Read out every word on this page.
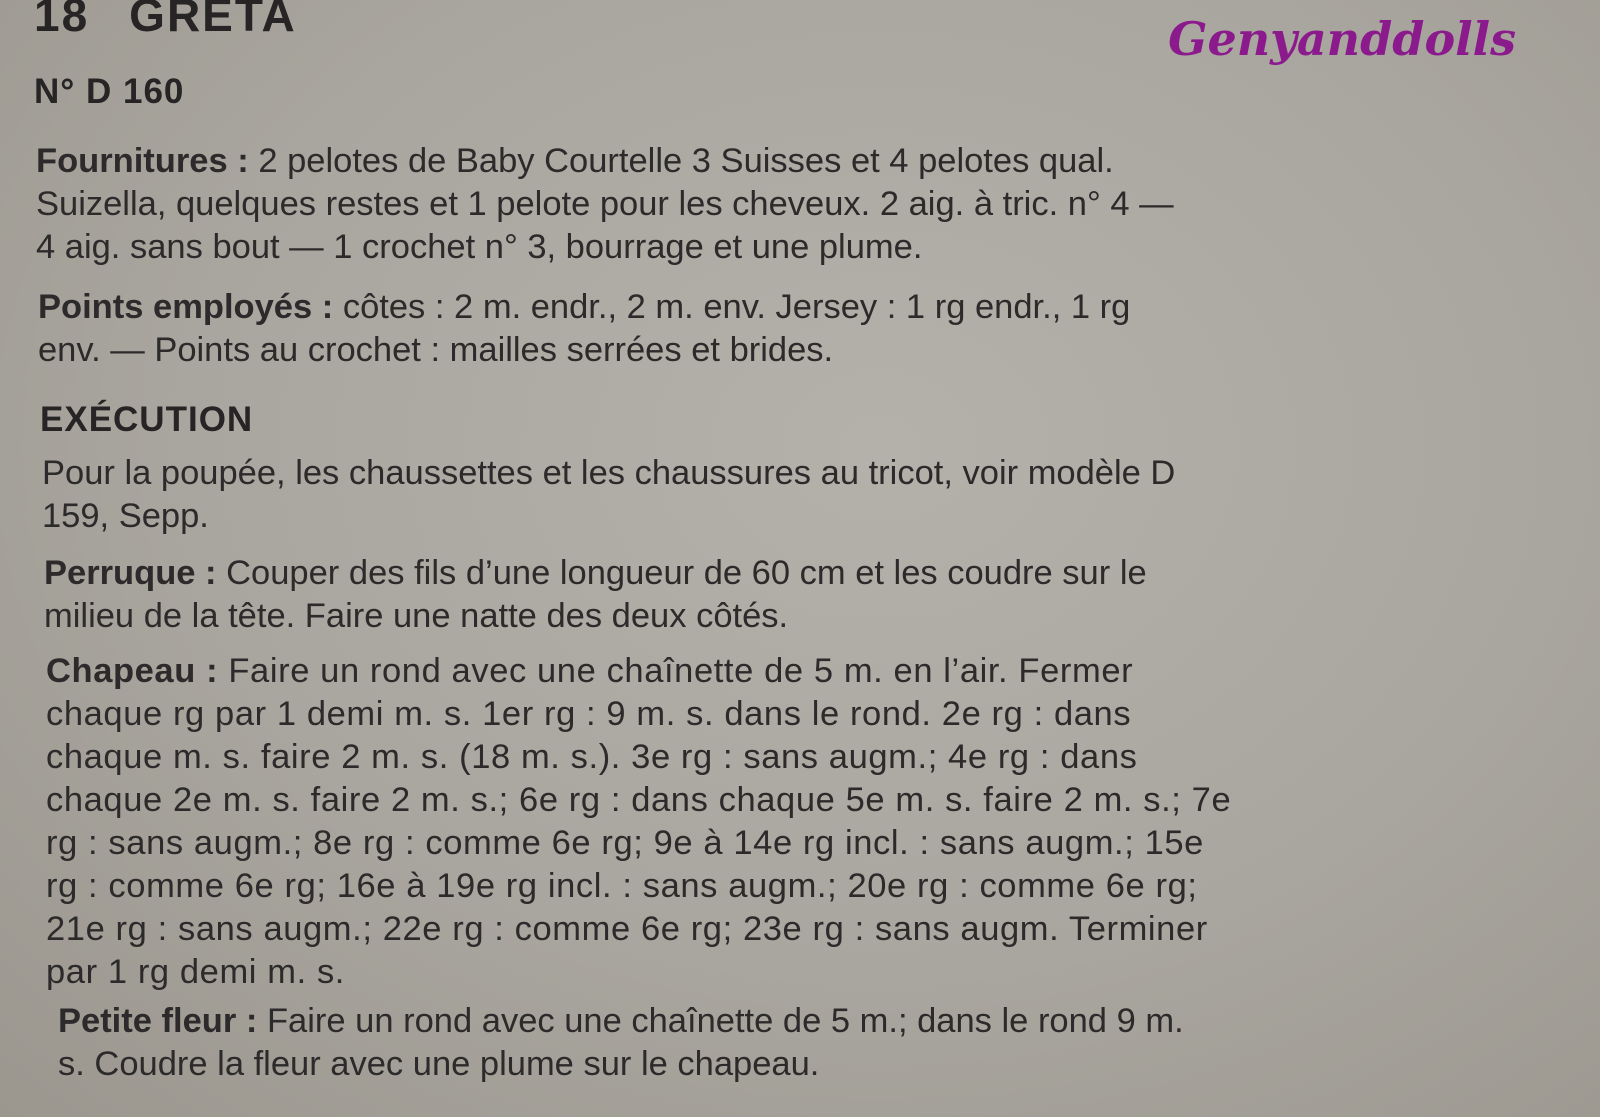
18 GRETA	Genyanddolls
N° D 160

Fournitures : 2 pelotes de Baby Courtelle 3 Suisses et 4 pelotes qual.
Suizella, quelques restes et 1 pelote pour les cheveux. 2 aig. à tric. n° 4 —
4 aig. sans bout — 1 crochet n° 3, bourrage et une plume.

Points employés : côtes : 2 m. endr., 2 m. env. Jersey : 1 rg endr., 1 rg
env. — Points au crochet : mailles serrées et brides.

EXÉCUTION

Pour la poupée, les chaussettes et les chaussures au tricot, voir modèle D
159, Sepp.

Perruque : Couper des fils d’une longueur de 60 cm et les coudre sur le
milieu de la tête. Faire une natte des deux côtés.

Chapeau : Faire un rond avec une chaînette de 5 m. en l’air. Fermer
chaque rg par 1 demi m. s. 1er rg : 9 m. s. dans le rond. 2e rg : dans
chaque m. s. faire 2 m. s. (18 m. s.). 3e rg : sans augm.; 4e rg : dans
chaque 2e m. s. faire 2 m. s.; 6e rg : dans chaque 5e m. s. faire 2 m. s.; 7e
rg : sans augm.; 8e rg : comme 6e rg; 9e à 14e rg incl. : sans augm.; 15e
rg : comme 6e rg; 16e à 19e rg incl. : sans augm.; 20e rg : comme 6e rg;
21e rg : sans augm.; 22e rg : comme 6e rg; 23e rg : sans augm. Terminer
par 1 rg demi m. s.

Petite fleur : Faire un rond avec une chaînette de 5 m.; dans le rond 9 m.
s. Coudre la fleur avec une plume sur le chapeau.
